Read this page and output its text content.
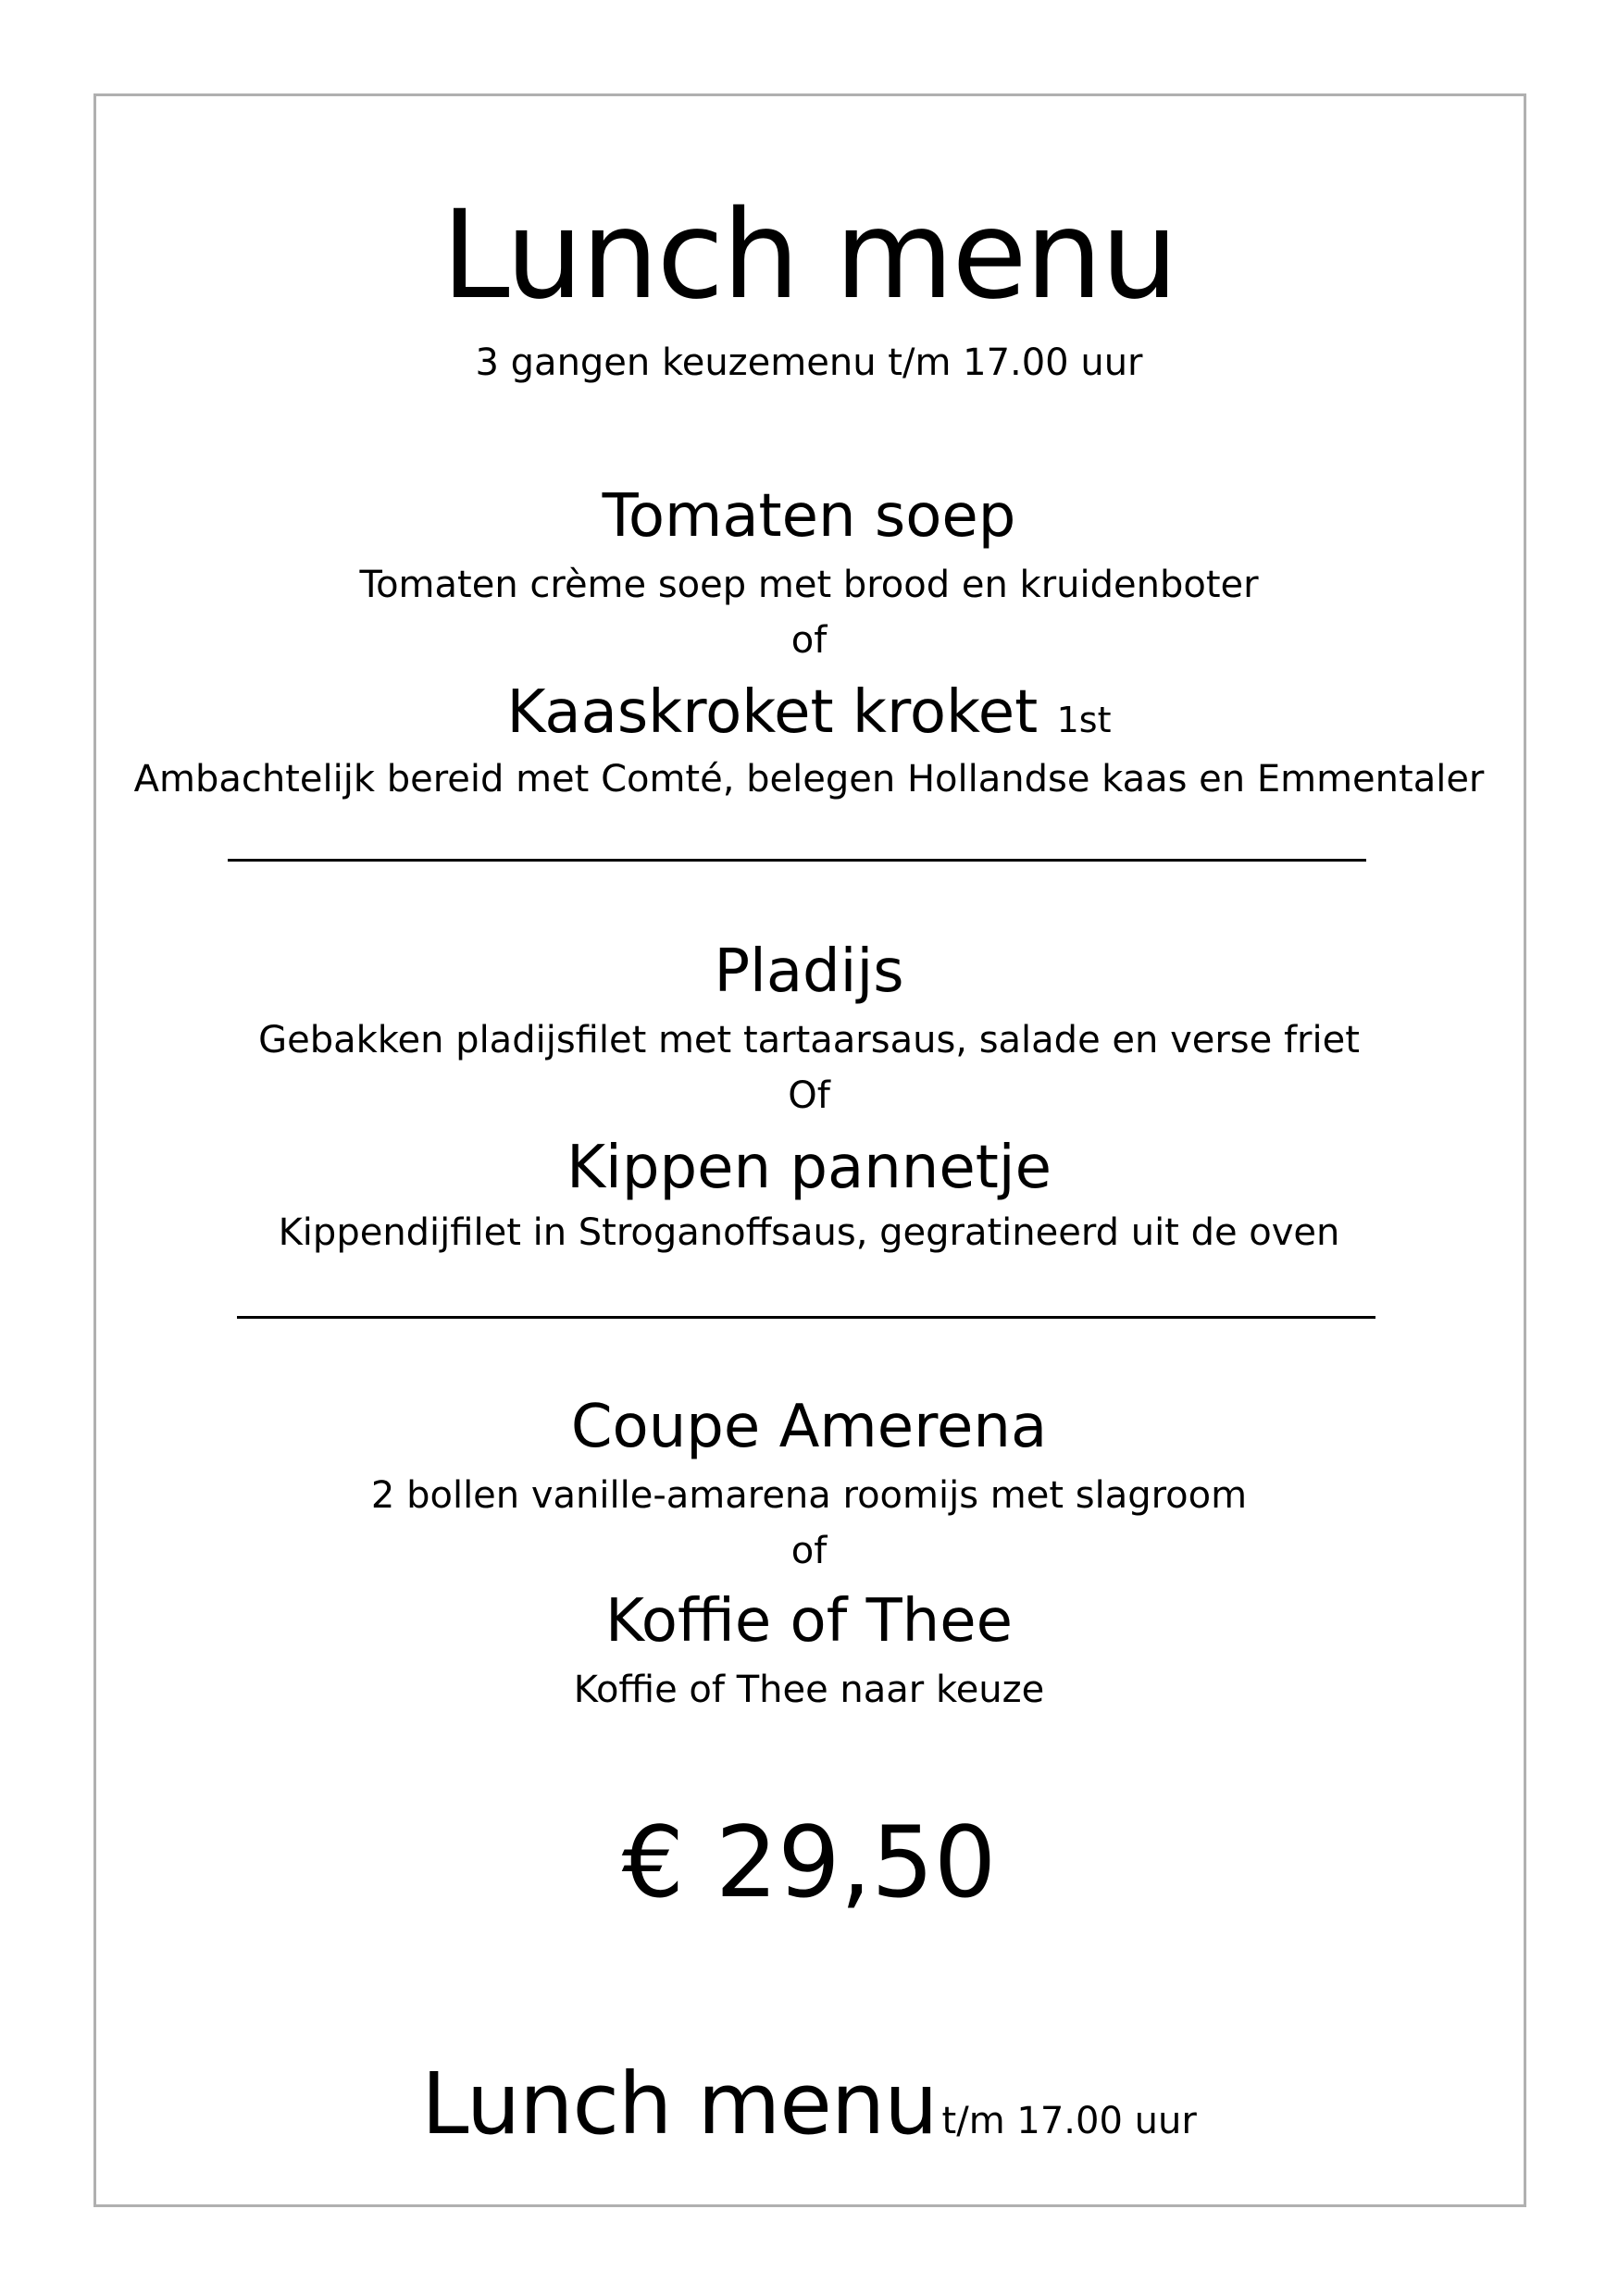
Lunch menu
3 gangen keuzemenu t/m 17.00 uur
Tomaten soep
Tomaten crème soep met brood en kruidenboter
of
Kaaskroket kroket 1st
Ambachtelijk bereid met Comté, belegen Hollandse kaas en Emmentaler
Pladijs
Gebakken pladijsfilet met tartaarsaus, salade en verse friet
Of
Kippen pannetje
Kippendijfilet in Stroganoffsaus, gegratineerd uit de oven
Coupe Amerena
2 bollen vanille-amarena roomijs met slagroom
of
Koffie of Thee
Koffie of Thee naar keuze
€ 29,50
Lunch menu t/m 17.00 uur
